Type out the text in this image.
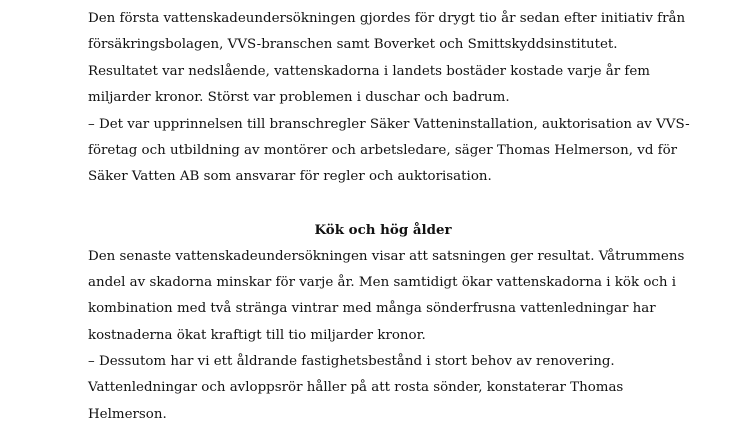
Den första vattenskadeundersökningen gjordes för drygt tio år sedan efter initiativ från
försäkringsbolagen, VVS-branschen samt Boverket och Smittskyddsinstitutet.
Resultatet var nedslående, vattenskadorna i landets bostäder kostade varje år fem
miljarder kronor. Störst var problemen i duschar och badrum.
– Det var upprinnelsen till branschregler Säker Vatteninstallation, auktorisation av VVS-
företag och utbildning av montörer och arbetsledare, säger Thomas Helmerson, vd för
Säker Vatten AB som ansvarar för regler och auktorisation.
Kök och hög ålder
Den senaste vattenskadeundersökningen visar att satsningen ger resultat. Våtrummens
andel av skadorna minskar för varje år. Men samtidigt ökar vattenskadorna i kök och i
kombination med två stränga vintrar med många sönderfrusna vattenledningar har
kostnaderna ökat kraftigt till tio miljarder kronor.
– Dessutom har vi ett åldrande fastighetsbestånd i stort behov av renovering.
Vattenledningar och avloppsrör håller på att rosta sönder, konstaterar Thomas
Helmerson.
